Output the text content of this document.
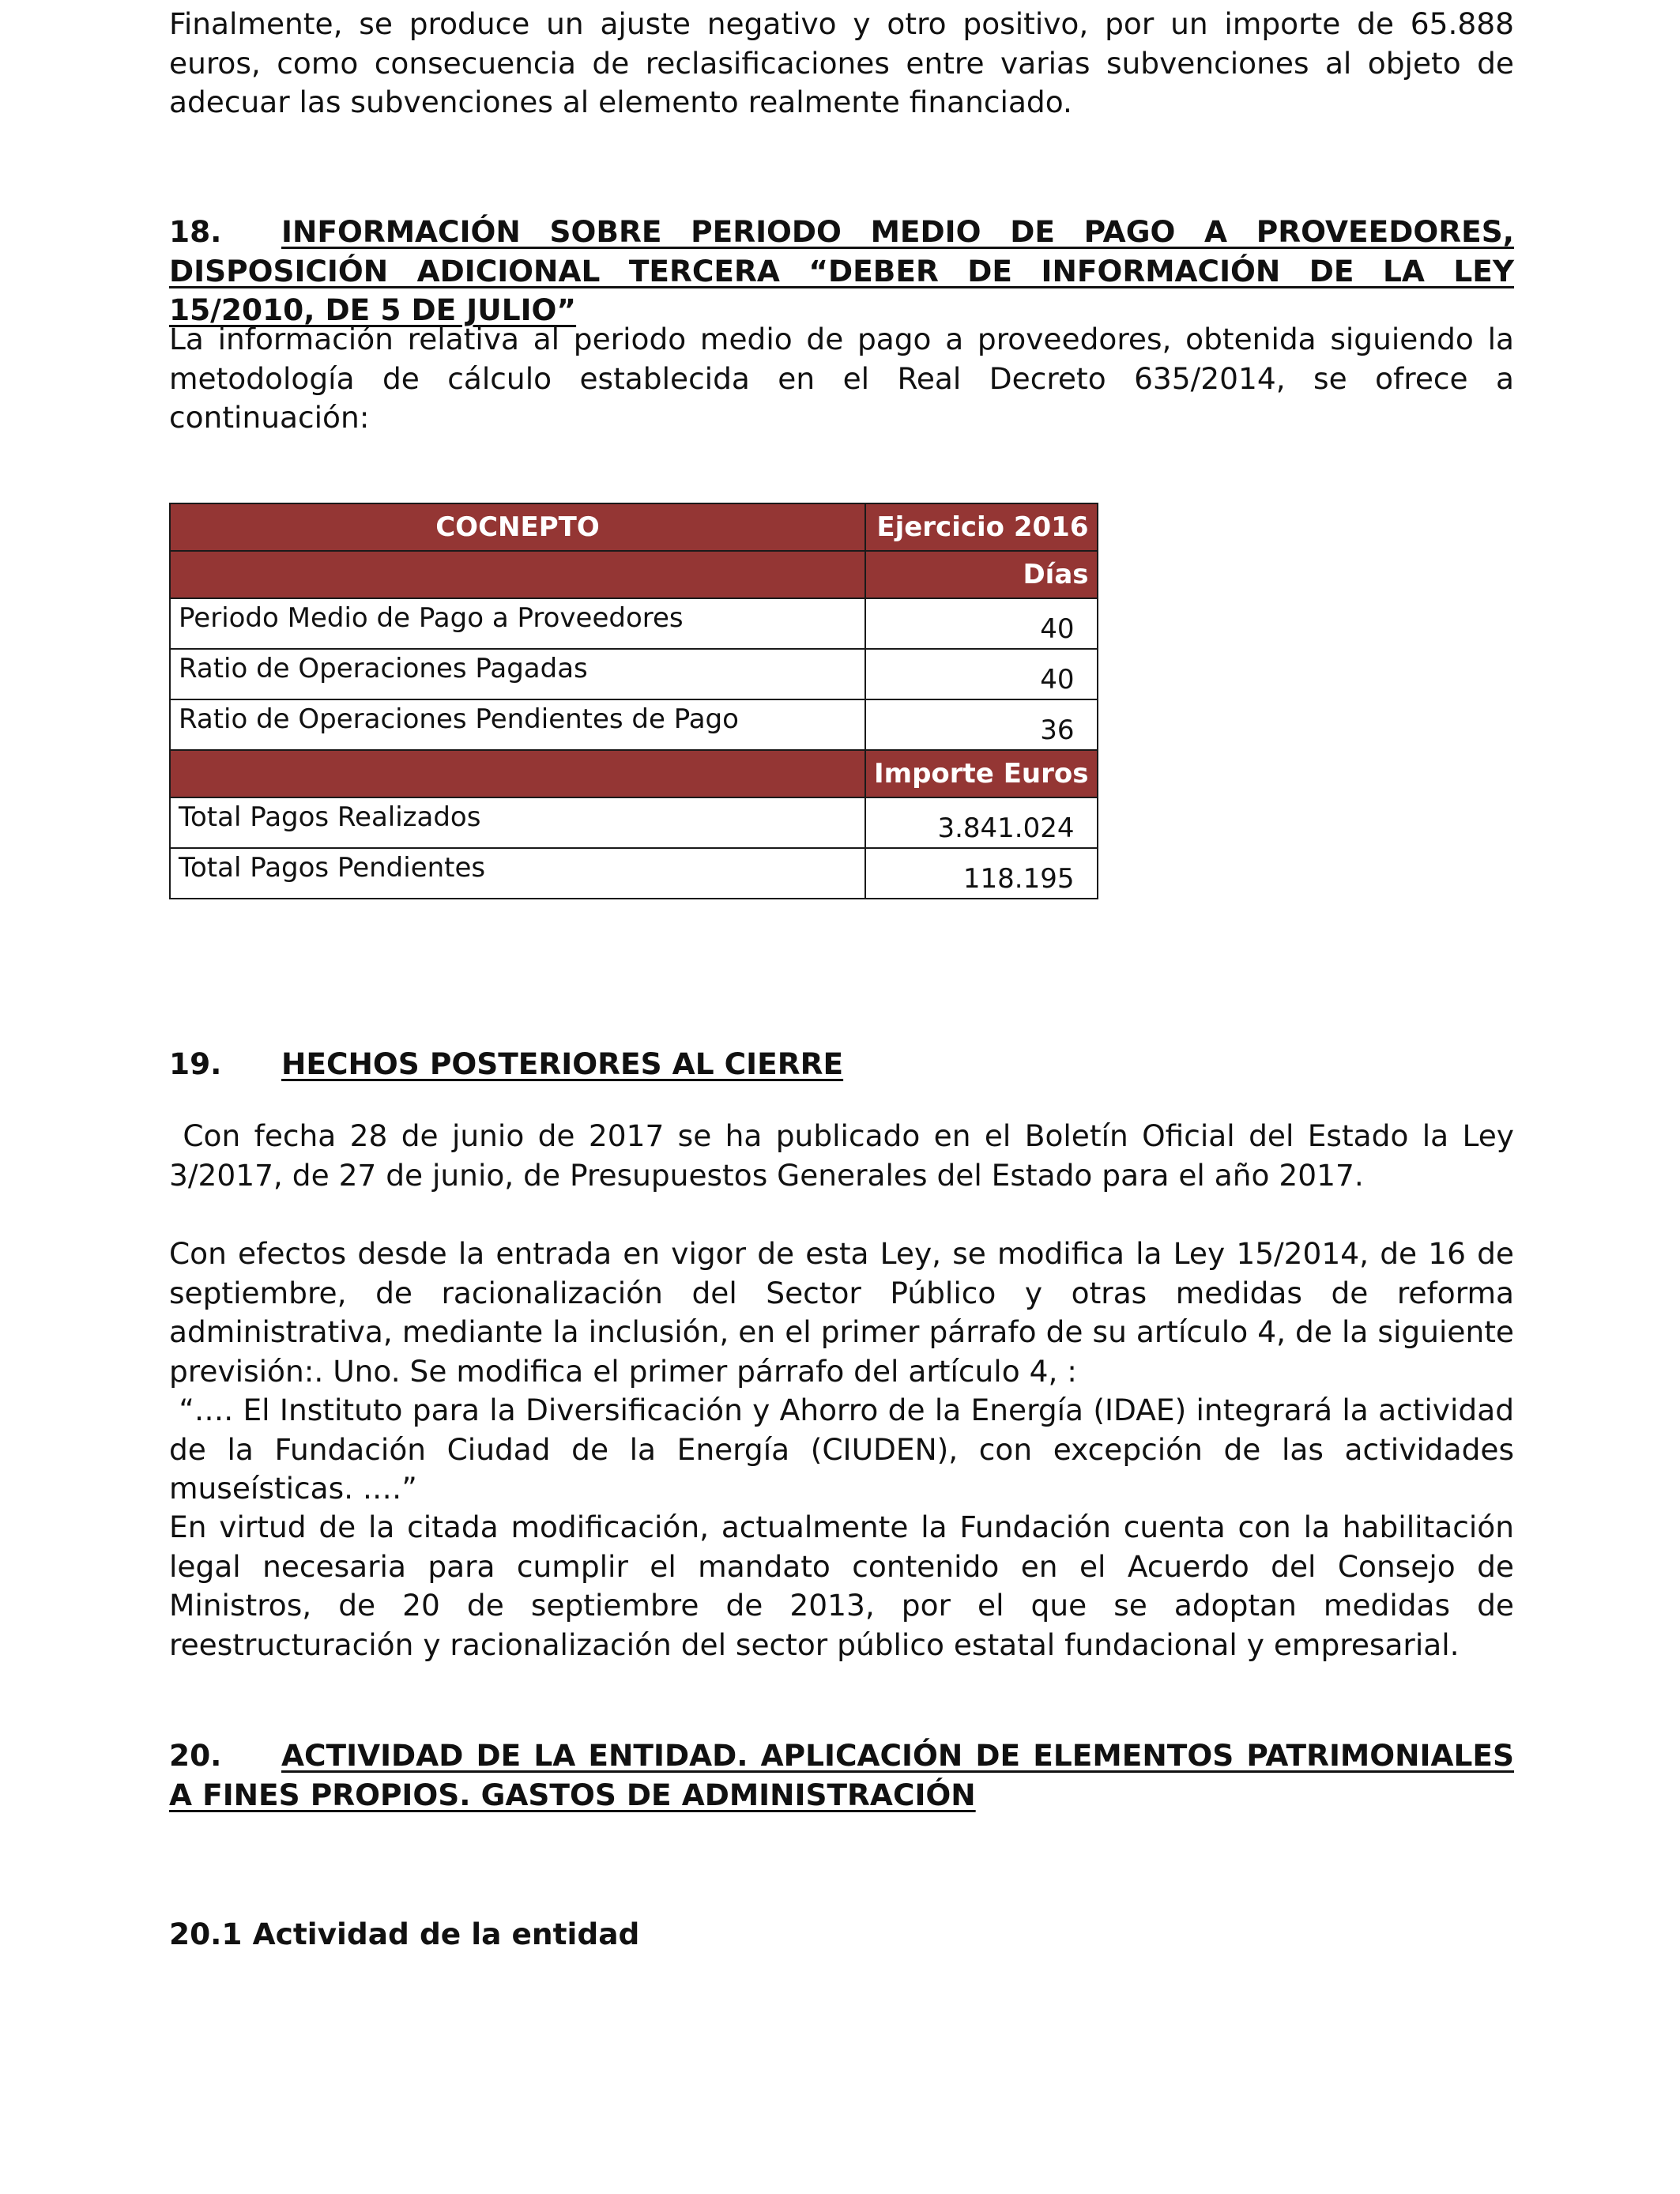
Finalmente, se produce un ajuste negativo y otro positivo, por un importe de 65.888 euros, como consecuencia de reclasificaciones entre varias subvenciones al objeto de adecuar las subvenciones al elemento realmente financiado.

18. INFORMACIÓN SOBRE PERIODO MEDIO DE PAGO A PROVEEDORES, DISPOSICIÓN ADICIONAL TERCERA “DEBER DE INFORMACIÓN DE LA LEY 15/2010, DE 5 DE JULIO”

La información relativa al periodo medio de pago a proveedores, obtenida siguiendo la metodología de cálculo establecida en el Real Decreto 635/2014, se ofrece a continuación:

19. HECHOS POSTERIORES AL CIERRE

Con fecha 28 de junio de 2017 se ha publicado en el Boletín Oficial del Estado la Ley 3/2017, de 27 de junio, de Presupuestos Generales del Estado para el año 2017.

Con efectos desde la entrada en vigor de esta Ley, se modifica la Ley 15/2014, de 16 de septiembre, de racionalización del Sector Público y otras medidas de reforma administrativa, mediante la inclusión, en el primer párrafo de su artículo 4, de la siguiente previsión:. Uno. Se modifica el primer párrafo del artículo 4, :

“…. El Instituto para la Diversificación y Ahorro de la Energía (IDAE) integrará la actividad de la Fundación Ciudad de la Energía (CIUDEN), con excepción de las actividades museísticas. .…”

En virtud de la citada modificación, actualmente la Fundación cuenta con la habilitación legal necesaria para cumplir el mandato contenido en el Acuerdo del Consejo de Ministros, de 20 de septiembre de 2013, por el que se adoptan medidas de reestructuración y racionalización del sector público estatal fundacional y empresarial.

20. ACTIVIDAD DE LA ENTIDAD. APLICACIÓN DE ELEMENTOS PATRIMONIALES A FINES PROPIOS. GASTOS DE ADMINISTRACIÓN

20.1 Actividad de la entidad

COCNEPTO	Ejercicio 2016
	Días
Periodo Medio de Pago a Proveedores	40
Ratio de Operaciones Pagadas	40
Ratio de Operaciones Pendientes de Pago	36
	Importe Euros
Total Pagos Realizados	3.841.024
Total Pagos Pendientes	118.195
